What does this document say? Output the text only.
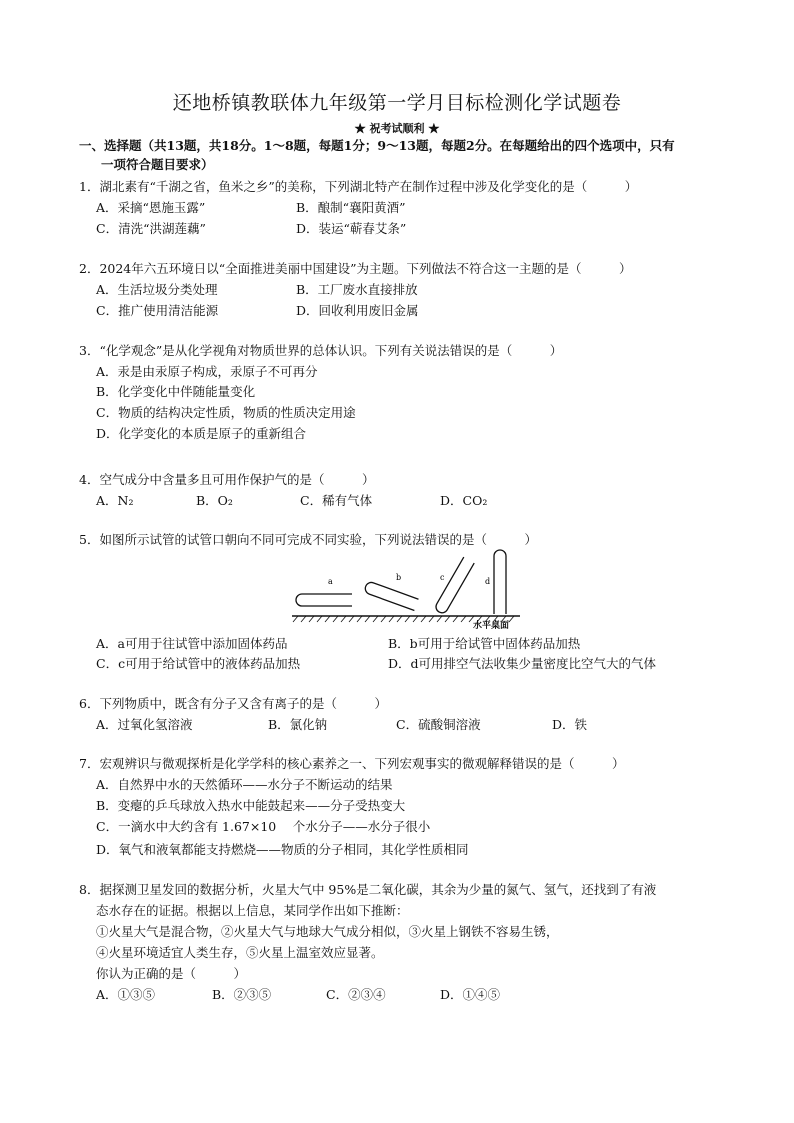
还地桥镇教联体九年级第一学月目标检测化学试题卷
★ 祝考试顺利 ★
一、选择题（共13题，共18分。1～8题，每题1分；9～13题，每题2分。在每题给出的四个选项中，只有
一项符合题目要求）
1．湖北素有“千湖之省，鱼米之乡”的美称，下列湖北特产在制作过程中涉及化学变化的是（　　　）
A．采摘“恩施玉露”	B．酿制“襄阳黄酒”
C．清洗“洪湖莲藕”	D．装运“蕲春艾条”
2．2024年六五环境日以“全面推进美丽中国建设”为主题。下列做法不符合这一主题的是（　　　）
A．生活垃圾分类处理	B．工厂废水直接排放
C．推广使用清洁能源	D．回收利用废旧金属
3．“化学观念”是从化学视角对物质世界的总体认识。下列有关说法错误的是（　　　）
A．汞是由汞原子构成，汞原子不可再分
B．化学变化中伴随能量变化
C．物质的结构决定性质，物质的性质决定用途
D．化学变化的本质是原子的重新组合
4．空气成分中含量多且可用作保护气的是（　　　）
A．N₂	B．O₂	C．稀有气体	D．CO₂
5．如图所示试管的试管口朝向不同可完成不同实验，下列说法错误的是（　　　）
a	b	c	d
水平桌面
A．a可用于往试管中添加固体药品	B．b可用于给试管中固体药品加热
C．c可用于给试管中的液体药品加热	D．d可用排空气法收集少量密度比空气大的气体
6．下列物质中，既含有分子又含有离子的是（　　　）
A．过氧化氢溶液	B．氯化钠	C．硫酸铜溶液	D．铁
7．宏观辨识与微观探析是化学学科的核心素养之一、下列宏观事实的微观解释错误的是（　　　）
A．自然界中水的天然循环——水分子不断运动的结果
B．变瘪的乒乓球放入热水中能鼓起来——分子受热变大
C．一滴水中大约含有 1.67×10　 个水分子——水分子很小
D．氧气和液氧都能支持燃烧——物质的分子相同，其化学性质相同
8．据探测卫星发回的数据分析，火星大气中 95%是二氧化碳，其余为少量的氮气、氢气，还找到了有液
态水存在的证据。根据以上信息，某同学作出如下推断：
①火星大气是混合物，②火星大气与地球大气成分相似，③火星上钢铁不容易生锈，
④火星环境适宜人类生存，⑤火星上温室效应显著。
你认为正确的是（　　　）
A．①③⑤	B．②③⑤	C．②③④	D．①④⑤
